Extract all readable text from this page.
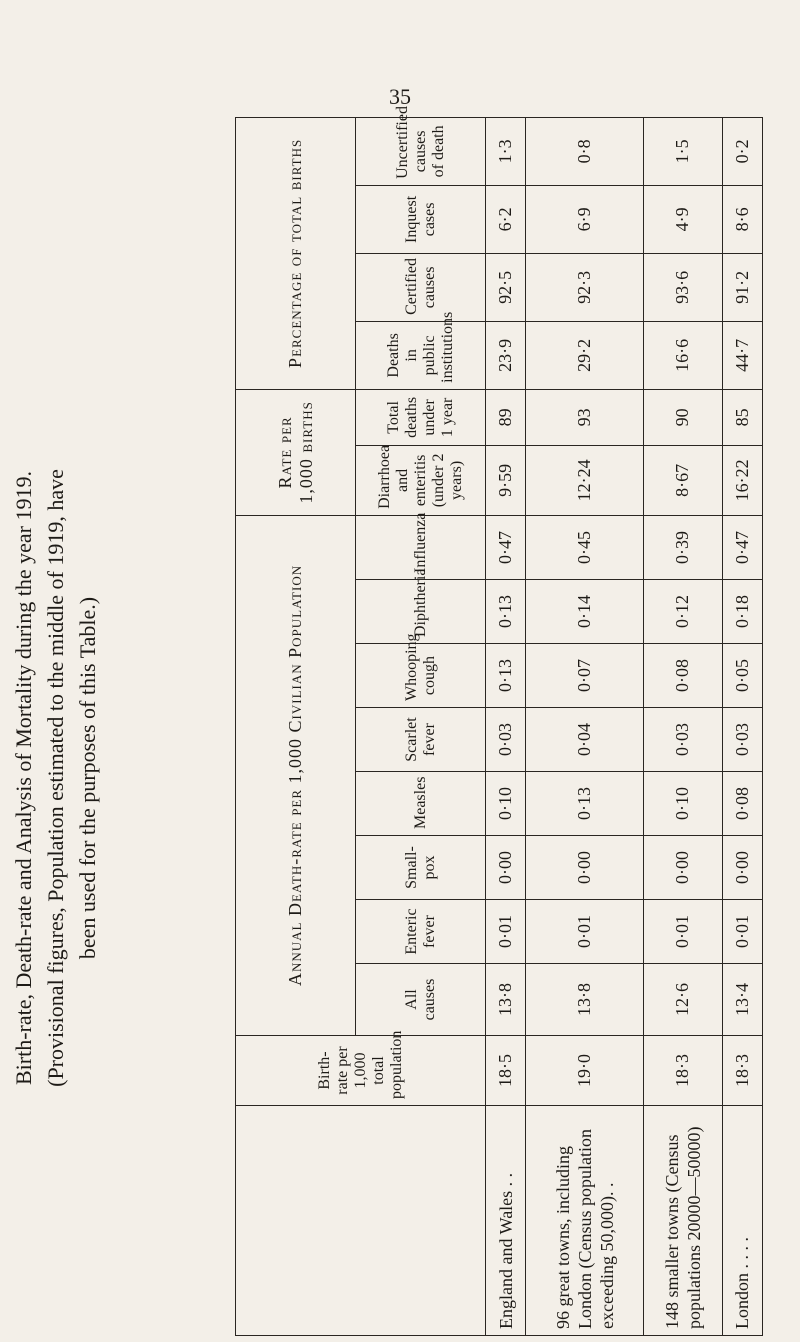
35
Birth-rate, Death-rate and Analysis of Mortality during the year 1919. (Provisional figures, Population estimated to the middle of 1919, have been used for the purposes of this Table.)
	Birth-rate per 1,000 total population	Annual Death-rate per 1,000 Civilian Population								Rate per 1,000 births		Percentage of total births			
		All causes	Enteric fever	Small-pox	Measles	Scarlet fever	Whooping cough	Diphtheria	Influenza	Diarrhoea and enteritis (under 2 years)	Total deaths under 1 year	Deaths in public institutions	Certified causes	Inquest cases	Uncertified causes of death
England and Wales . .	18·5	13·8	0·01	0·00	0·10	0·03	0·13	0·13	0·47	9·59	89	23·9	92·5	6·2	1·3
96 great towns, including London (Census population exceeding 50,000). .	19·0	13·8	0·01	0·00	0·13	0·04	0·07	0·14	0·45	12·24	93	29·2	92·3	6·9	0·8
148 smaller towns (Census populations 20000—50000)	18·3	12·6	0·01	0·00	0·10	0·03	0·08	0·12	0·39	8·67	90	16·6	93·6	4·9	1·5
London . . . .	18·3	13·4	0·01	0·00	0·08	0·03	0·05	0·18	0·47	16·22	85	44·7	91·2	8·6	0·2
